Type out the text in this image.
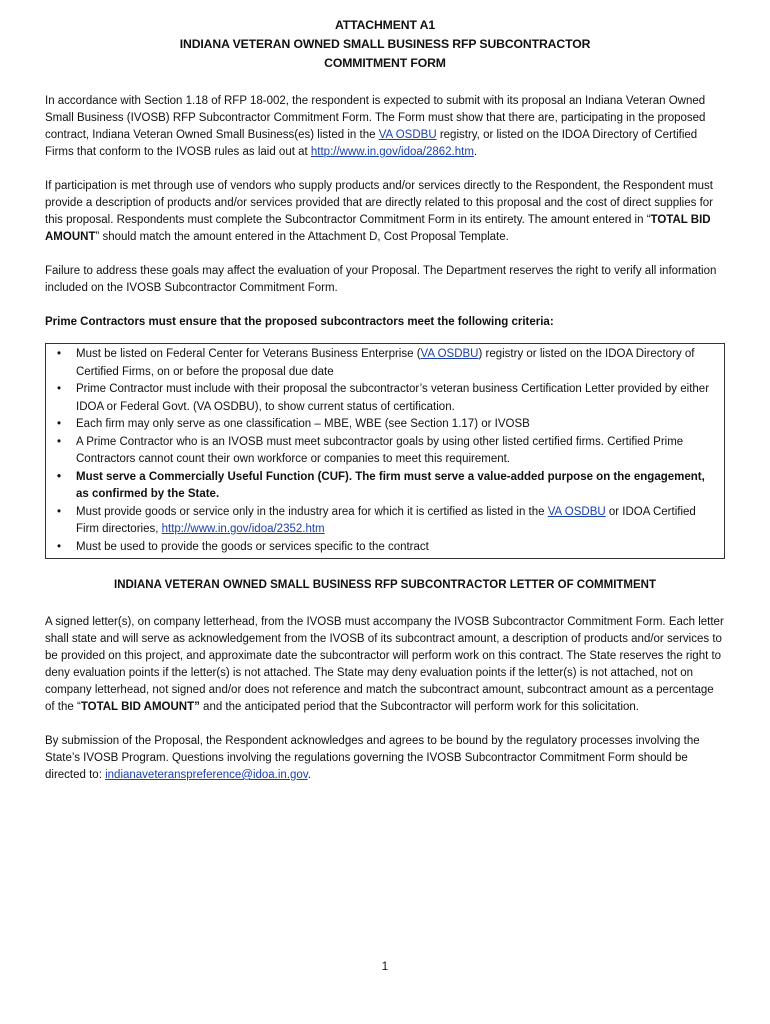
ATTACHMENT A1
INDIANA VETERAN OWNED SMALL BUSINESS RFP SUBCONTRACTOR
COMMITMENT FORM

In accordance with Section 1.18 of RFP 18-002, the respondent is expected to submit with its proposal an Indiana Veteran Owned Small Business (IVOSB) RFP Subcontractor Commitment Form. The Form must show that there are, participating in the proposed contract, Indiana Veteran Owned Small Business(es) listed in the VA OSDBU registry, or listed on the IDOA Directory of Certified Firms that conform to the IVOSB rules as laid out at http://www.in.gov/idoa/2862.htm.

If participation is met through use of vendors who supply products and/or services directly to the Respondent, the Respondent must provide a description of products and/or services provided that are directly related to this proposal and the cost of direct supplies for this proposal. Respondents must complete the Subcontractor Commitment Form in its entirety. The amount entered in “TOTAL BID AMOUNT” should match the amount entered in the Attachment D, Cost Proposal Template.

Failure to address these goals may affect the evaluation of your Proposal. The Department reserves the right to verify all information included on the IVOSB Subcontractor Commitment Form.

Prime Contractors must ensure that the proposed subcontractors meet the following criteria:

•	Must be listed on Federal Center for Veterans Business Enterprise (VA OSDBU) registry or listed on the IDOA Directory of Certified Firms, on or before the proposal due date
•	Prime Contractor must include with their proposal the subcontractor’s veteran business Certification Letter provided by either IDOA or Federal Govt. (VA OSDBU), to show current status of certification.
•	Each firm may only serve as one classification – MBE, WBE (see Section 1.17) or IVOSB
•	A Prime Contractor who is an IVOSB must meet subcontractor goals by using other listed certified firms. Certified Prime Contractors cannot count their own workforce or companies to meet this requirement.
•	Must serve a Commercially Useful Function (CUF). The firm must serve a value-added purpose on the engagement, as confirmed by the State.
•	Must provide goods or service only in the industry area for which it is certified as listed in the VA OSDBU or IDOA Certified Firm directories, http://www.in.gov/idoa/2352.htm
•	Must be used to provide the goods or services specific to the contract

INDIANA VETERAN OWNED SMALL BUSINESS RFP SUBCONTRACTOR LETTER OF COMMITMENT

A signed letter(s), on company letterhead, from the IVOSB must accompany the IVOSB Subcontractor Commitment Form. Each letter shall state and will serve as acknowledgement from the IVOSB of its subcontract amount, a description of products and/or services to be provided on this project, and approximate date the subcontractor will perform work on this contract. The State reserves the right to deny evaluation points if the letter(s) is not attached. The State may deny evaluation points if the letter(s) is not attached, not on company letterhead, not signed and/or does not reference and match the subcontract amount, subcontract amount as a percentage of the “TOTAL BID AMOUNT” and the anticipated period that the Subcontractor will perform work for this solicitation.

By submission of the Proposal, the Respondent acknowledges and agrees to be bound by the regulatory processes involving the State’s IVOSB Program. Questions involving the regulations governing the IVOSB Subcontractor Commitment Form should be directed to: indianaveteranspreference@idoa.in.gov.

1
